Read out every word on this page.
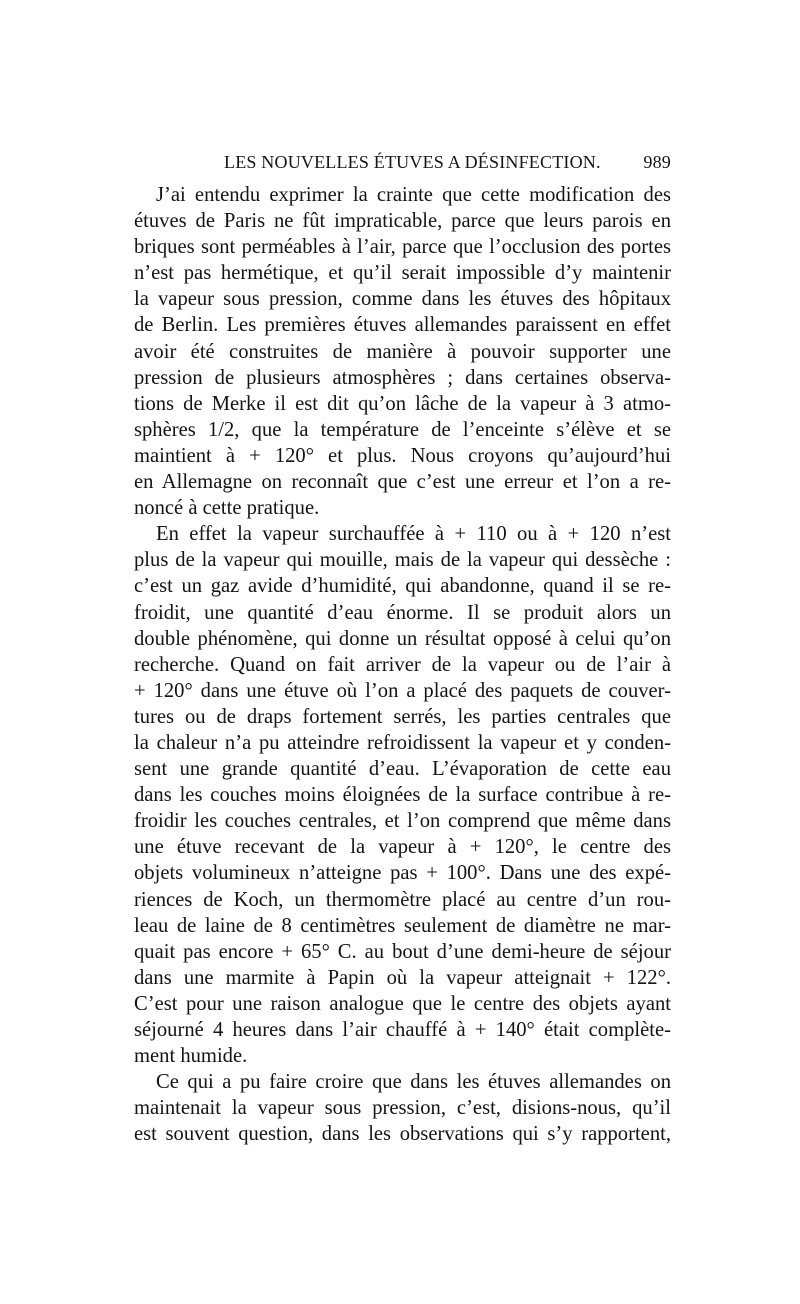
LES NOUVELLES ÉTUVES A DÉSINFECTION. 989
J’ai entendu exprimer la crainte que cette modification des
étuves de Paris ne fût impraticable, parce que leurs parois en
briques sont perméables à l’air, parce que l’occlusion des portes
n’est pas hermétique, et qu’il serait impossible d’y maintenir
la vapeur sous pression, comme dans les étuves des hôpitaux
de Berlin. Les premières étuves allemandes paraissent en effet
avoir été construites de manière à pouvoir supporter une
pression de plusieurs atmosphères ; dans certaines observa-
tions de Merke il est dit qu’on lâche de la vapeur à 3 atmo-
sphères 1/2, que la température de l’enceinte s’élève et se
maintient à + 120° et plus. Nous croyons qu’aujourd’hui
en Allemagne on reconnaît que c’est une erreur et l’on a re-
noncé à cette pratique.
En effet la vapeur surchauffée à + 110 ou à + 120 n’est
plus de la vapeur qui mouille, mais de la vapeur qui dessèche :
c’est un gaz avide d’humidité, qui abandonne, quand il se re-
froidit, une quantité d’eau énorme. Il se produit alors un
double phénomène, qui donne un résultat opposé à celui qu’on
recherche. Quand on fait arriver de la vapeur ou de l’air à
+ 120° dans une étuve où l’on a placé des paquets de couver-
tures ou de draps fortement serrés, les parties centrales que
la chaleur n’a pu atteindre refroidissent la vapeur et y conden-
sent une grande quantité d’eau. L’évaporation de cette eau
dans les couches moins éloignées de la surface contribue à re-
froidir les couches centrales, et l’on comprend que même dans
une étuve recevant de la vapeur à + 120°, le centre des
objets volumineux n’atteigne pas + 100°. Dans une des expé-
riences de Koch, un thermomètre placé au centre d’un rou-
leau de laine de 8 centimètres seulement de diamètre ne mar-
quait pas encore + 65° C. au bout d’une demi-heure de séjour
dans une marmite à Papin où la vapeur atteignait + 122°.
C’est pour une raison analogue que le centre des objets ayant
séjourné 4 heures dans l’air chauffé à + 140° était complète-
ment humide.
Ce qui a pu faire croire que dans les étuves allemandes on
maintenait la vapeur sous pression, c’est, disions-nous, qu’il
est souvent question, dans les observations qui s’y rapportent,
